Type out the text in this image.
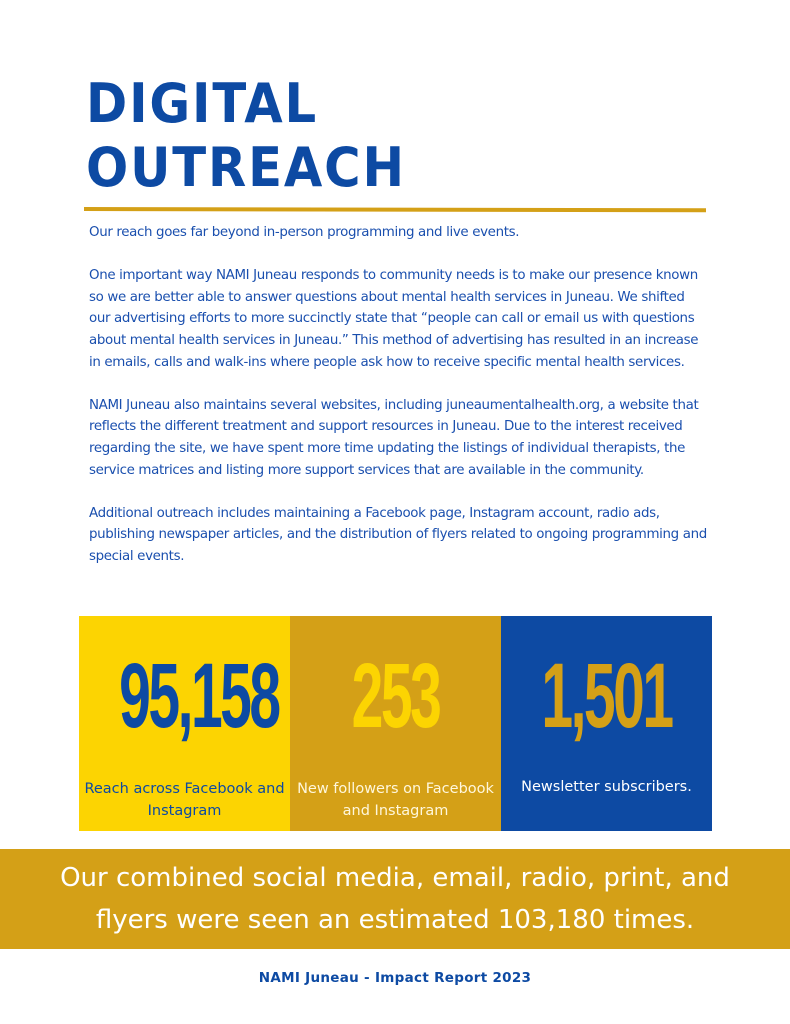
DIGITAL
OUTREACH

Our reach goes far beyond in-person programming and live events.

One important way NAMI Juneau responds to community needs is to make our presence known so we are better able to answer questions about mental health services in Juneau. We shifted our advertising efforts to more succinctly state that “people can call or email us with questions about mental health services in Juneau.” This method of advertising has resulted in an increase in emails, calls and walk-ins where people ask how to receive specific mental health services.

NAMI Juneau also maintains several websites, including juneaumentalhealth.org, a website that reflects the different treatment and support resources in Juneau. Due to the interest received regarding the site, we have spent more time updating the listings of individual therapists, the service matrices and listing more support services that are available in the community.

Additional outreach includes maintaining a Facebook page, Instagram account, radio ads, publishing newspaper articles, and the distribution of flyers related to ongoing programming and special events.

95,158
Reach across Facebook and Instagram
253
New followers on Facebook and Instagram
1,501
Newsletter subscribers.
Our combined social media, email, radio, print, and flyers were seen an estimated 103,180 times.
NAMI Juneau - Impact Report 2023
